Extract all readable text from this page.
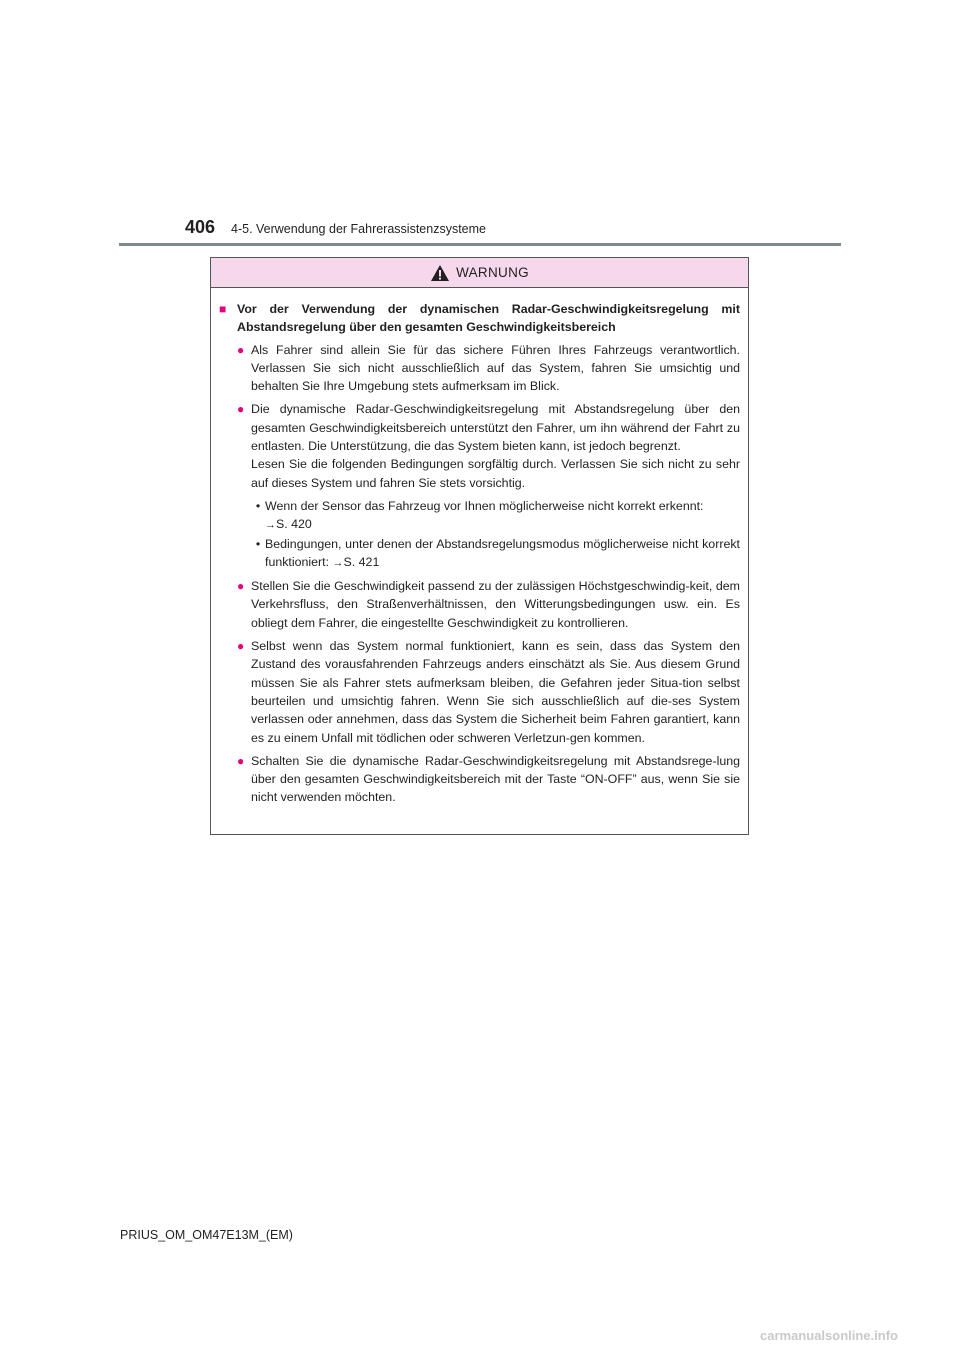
406 4-5. Verwendung der Fahrerassistenzsysteme
WARNUNG
■ Vor der Verwendung der dynamischen Radar-Geschwindigkeitsregelung mit Abstandsregelung über den gesamten Geschwindigkeitsbereich
● Als Fahrer sind allein Sie für das sichere Führen Ihres Fahrzeugs verantwortlich. Verlassen Sie sich nicht ausschließlich auf das System, fahren Sie umsichtig und behalten Sie Ihre Umgebung stets aufmerksam im Blick.
● Die dynamische Radar-Geschwindigkeitsregelung mit Abstandsregelung über den gesamten Geschwindigkeitsbereich unterstützt den Fahrer, um ihn während der Fahrt zu entlasten. Die Unterstützung, die das System bieten kann, ist jedoch begrenzt.
Lesen Sie die folgenden Bedingungen sorgfältig durch. Verlassen Sie sich nicht zu sehr auf dieses System und fahren Sie stets vorsichtig.
• Wenn der Sensor das Fahrzeug vor Ihnen möglicherweise nicht korrekt erkennt:
→S. 420
• Bedingungen, unter denen der Abstandsregelungsmodus möglicherweise nicht korrekt funktioniert: →S. 421
● Stellen Sie die Geschwindigkeit passend zu der zulässigen Höchstgeschwindig-keit, dem Verkehrsfluss, den Straßenverhältnissen, den Witterungsbedingungen usw. ein. Es obliegt dem Fahrer, die eingestellte Geschwindigkeit zu kontrollieren.
● Selbst wenn das System normal funktioniert, kann es sein, dass das System den Zustand des vorausfahrenden Fahrzeugs anders einschätzt als Sie. Aus diesem Grund müssen Sie als Fahrer stets aufmerksam bleiben, die Gefahren jeder Situa-tion selbst beurteilen und umsichtig fahren. Wenn Sie sich ausschließlich auf die-ses System verlassen oder annehmen, dass das System die Sicherheit beim Fahren garantiert, kann es zu einem Unfall mit tödlichen oder schweren Verletzun-gen kommen.
● Schalten Sie die dynamische Radar-Geschwindigkeitsregelung mit Abstandsrege-lung über den gesamten Geschwindigkeitsbereich mit der Taste “ON-OFF” aus, wenn Sie sie nicht verwenden möchten.
PRIUS_OM_OM47E13M_(EM)
carmanualsonline.info
